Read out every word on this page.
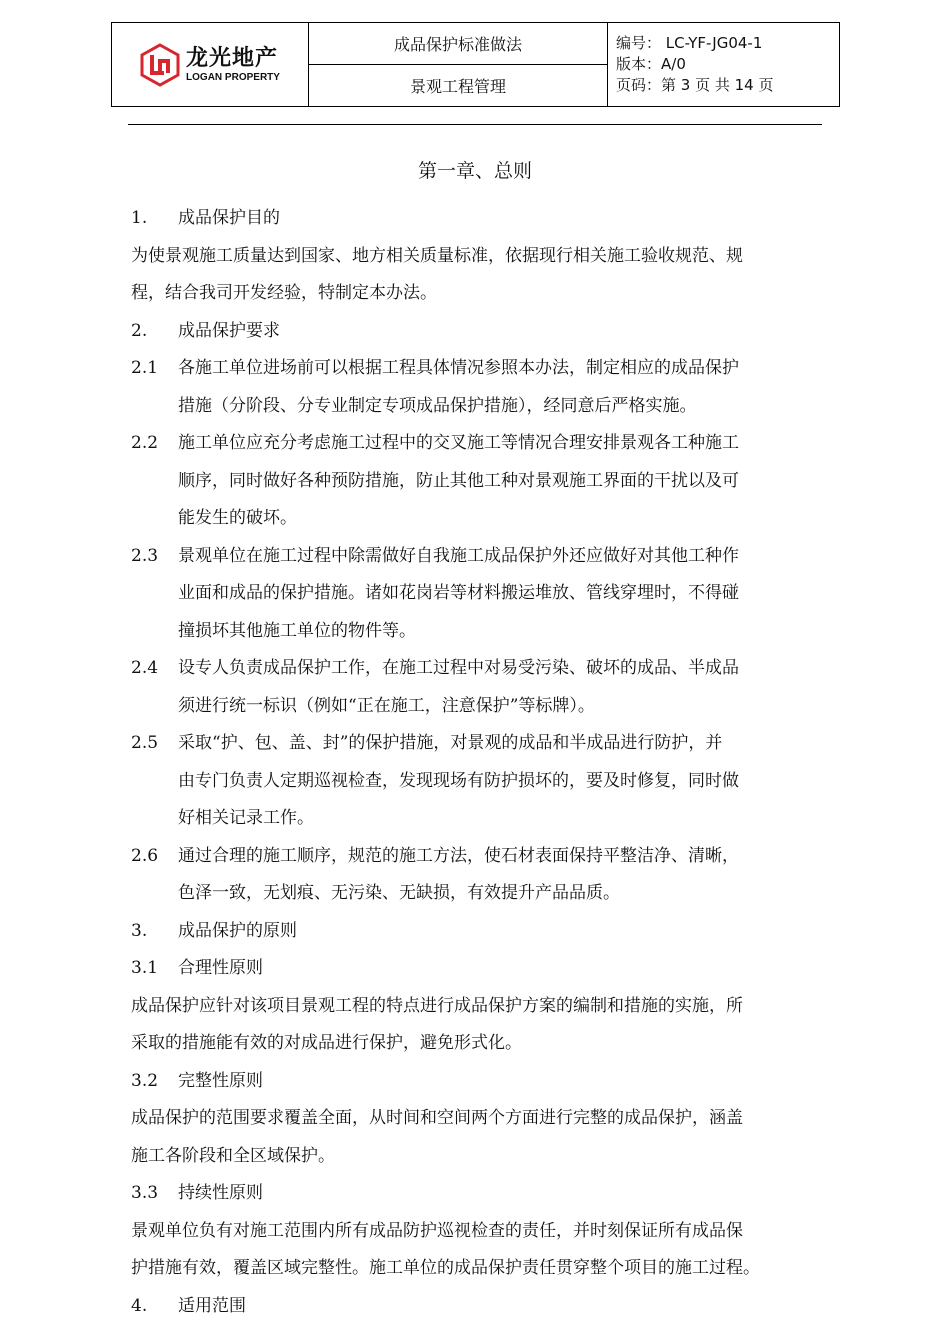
龙光地产
LOGAN PROPERTY
成品保护标准做法
景观工程管理
编号： LC-YF-JG04-1
版本：A/0
页码：第 3 页 共 14 页
第一章、总则
1. 成品保护目的
为使景观施工质量达到国家、地方相关质量标准，依据现行相关施工验收规范、规
程，结合我司开发经验，特制定本办法。
2. 成品保护要求
2.1 各施工单位进场前可以根据工程具体情况参照本办法，制定相应的成品保护
措施（分阶段、分专业制定专项成品保护措施），经同意后严格实施。
2.2 施工单位应充分考虑施工过程中的交叉施工等情况合理安排景观各工种施工
顺序，同时做好各种预防措施，防止其他工种对景观施工界面的干扰以及可
能发生的破坏。
2.3 景观单位在施工过程中除需做好自我施工成品保护外还应做好对其他工种作
业面和成品的保护措施。诸如花岗岩等材料搬运堆放、管线穿埋时，不得碰
撞损坏其他施工单位的物件等。
2.4 设专人负责成品保护工作，在施工过程中对易受污染、破坏的成品、半成品
须进行统一标识（例如“正在施工，注意保护”等标牌）。
2.5 采取“护、包、盖、封”的保护措施，对景观的成品和半成品进行防护，并
由专门负责人定期巡视检查，发现现场有防护损坏的，要及时修复，同时做
好相关记录工作。
2.6 通过合理的施工顺序，规范的施工方法，使石材表面保持平整洁净、清晰，
色泽一致，无划痕、无污染、无缺损，有效提升产品品质。
3. 成品保护的原则
3.1 合理性原则
成品保护应针对该项目景观工程的特点进行成品保护方案的编制和措施的实施，所
采取的措施能有效的对成品进行保护，避免形式化。
3.2 完整性原则
成品保护的范围要求覆盖全面，从时间和空间两个方面进行完整的成品保护，涵盖
施工各阶段和全区域保护。
3.3 持续性原则
景观单位负有对施工范围内所有成品防护巡视检查的责任，并时刻保证所有成品保
护措施有效，覆盖区域完整性。施工单位的成品保护责任贯穿整个项目的施工过程。
4. 适用范围
